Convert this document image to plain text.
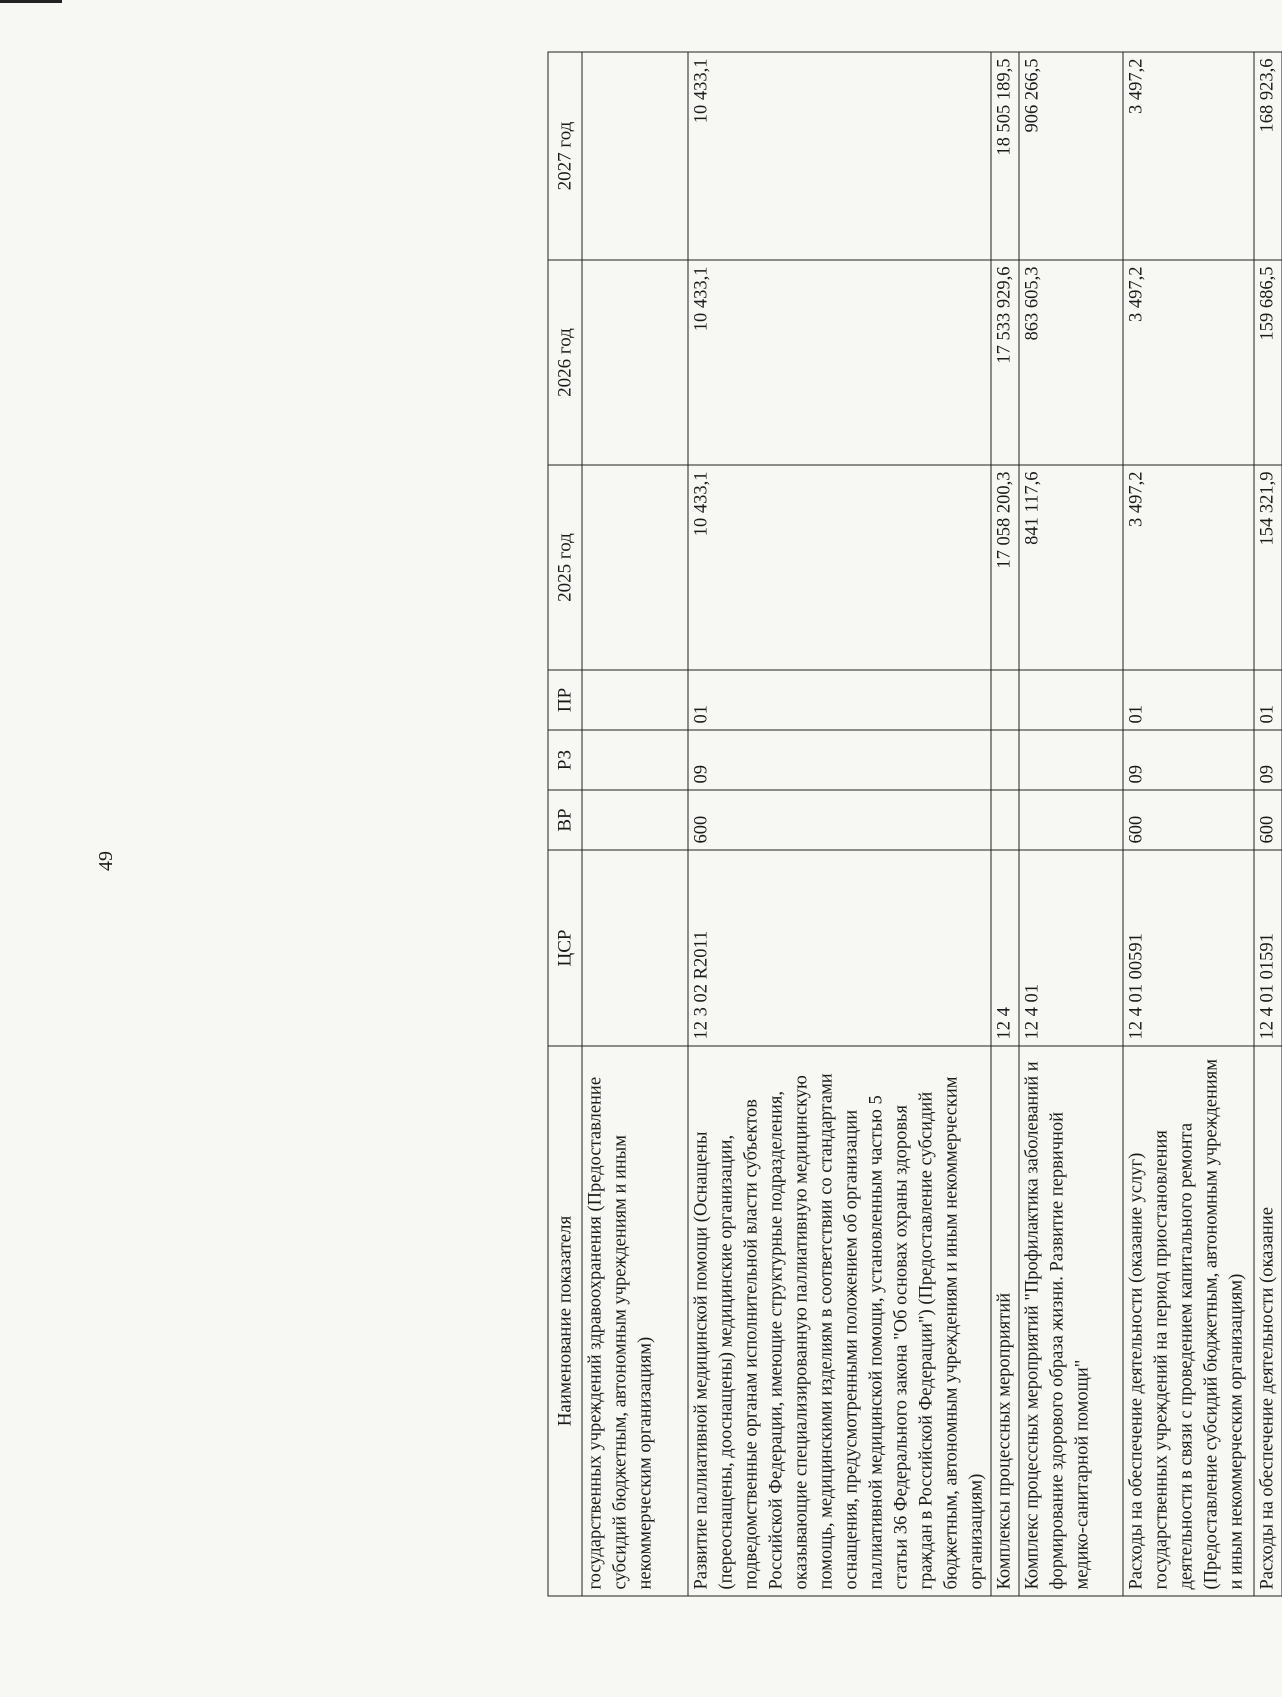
49
Наименование показателя	ЦСР	ВР	РЗ	ПР	2025 год	2026 год	2027 год
государственных учреждений здравоохранения (Предоставление субсидий бюджетным, автономным учреждениям и иным некоммерческим организациям)							
Развитие паллиативной медицинской помощи (Оснащены (переоснащены, дооснащены) медицинские организации, подведомственные органам исполнительной власти субъектов Российской Федерации, имеющие структурные подразделения, оказывающие специализированную паллиативную медицинскую помощь, медицинскими изделиям в соответствии со стандартами оснащения, предусмотренными положением об организации паллиативной медицинской помощи, установленным частью 5 статьи 36 Федерального закона "Об основах охраны здоровья граждан в Российской Федерации") (Предоставление субсидий бюджетным, автономным учреждениям и иным некоммерческим организациям)	12 3 02 R2011	600	09	01	10 433,1	10 433,1	10 433,1
Комплексы процессных мероприятий	12 4				17 058 200,3	17 533 929,6	18 505 189,5
Комплекс процессных мероприятий "Профилактика заболеваний и формирование здорового образа жизни. Развитие первичной медико-санитарной помощи"	12 4 01				841 117,6	863 605,3	906 266,5
Расходы на обеспечение деятельности (оказание услуг) государственных учреждений на период приостановления деятельности в связи с проведением капитального ремонта (Предоставление субсидий бюджетным, автономным учреждениям и иным некоммерческим организациям)	12 4 01 00591	600	09	01	3 497,2	3 497,2	3 497,2
Расходы на обеспечение деятельности (оказание	12 4 01 01591	600	09	01	154 321,9	159 686,5	168 923,6
